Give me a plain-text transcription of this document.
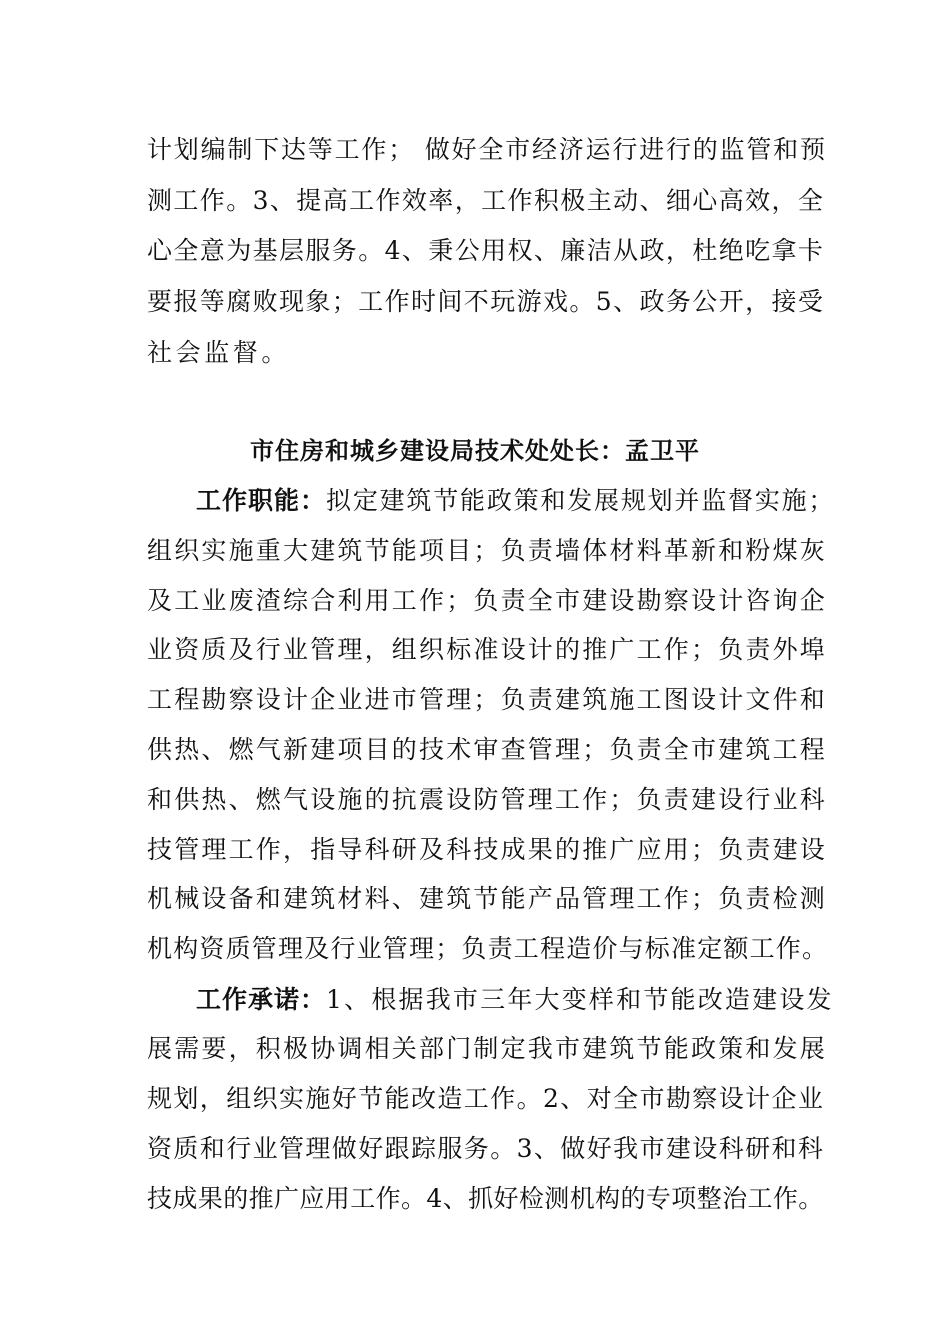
计划编制下达等工作； 做好全市经济运行进行的监管和预
测工作。3、提高工作效率，工作积极主动、细心高效，全
心全意为基层服务。4、秉公用权、廉洁从政，杜绝吃拿卡
要报等腐败现象；工作时间不玩游戏。5、政务公开，接受
社会监督。
市住房和城乡建设局技术处处长：孟卫平
工作职能：拟定建筑节能政策和发展规划并监督实施；
组织实施重大建筑节能项目；负责墙体材料革新和粉煤灰
及工业废渣综合利用工作；负责全市建设勘察设计咨询企
业资质及行业管理，组织标准设计的推广工作；负责外埠
工程勘察设计企业进市管理；负责建筑施工图设计文件和
供热、燃气新建项目的技术审查管理；负责全市建筑工程
和供热、燃气设施的抗震设防管理工作；负责建设行业科
技管理工作，指导科研及科技成果的推广应用；负责建设
机械设备和建筑材料、建筑节能产品管理工作；负责检测
机构资质管理及行业管理；负责工程造价与标准定额工作。
工作承诺：1、根据我市三年大变样和节能改造建设发
展需要，积极协调相关部门制定我市建筑节能政策和发展
规划，组织实施好节能改造工作。2、对全市勘察设计企业
资质和行业管理做好跟踪服务。3、做好我市建设科研和科
技成果的推广应用工作。4、抓好检测机构的专项整治工作。
